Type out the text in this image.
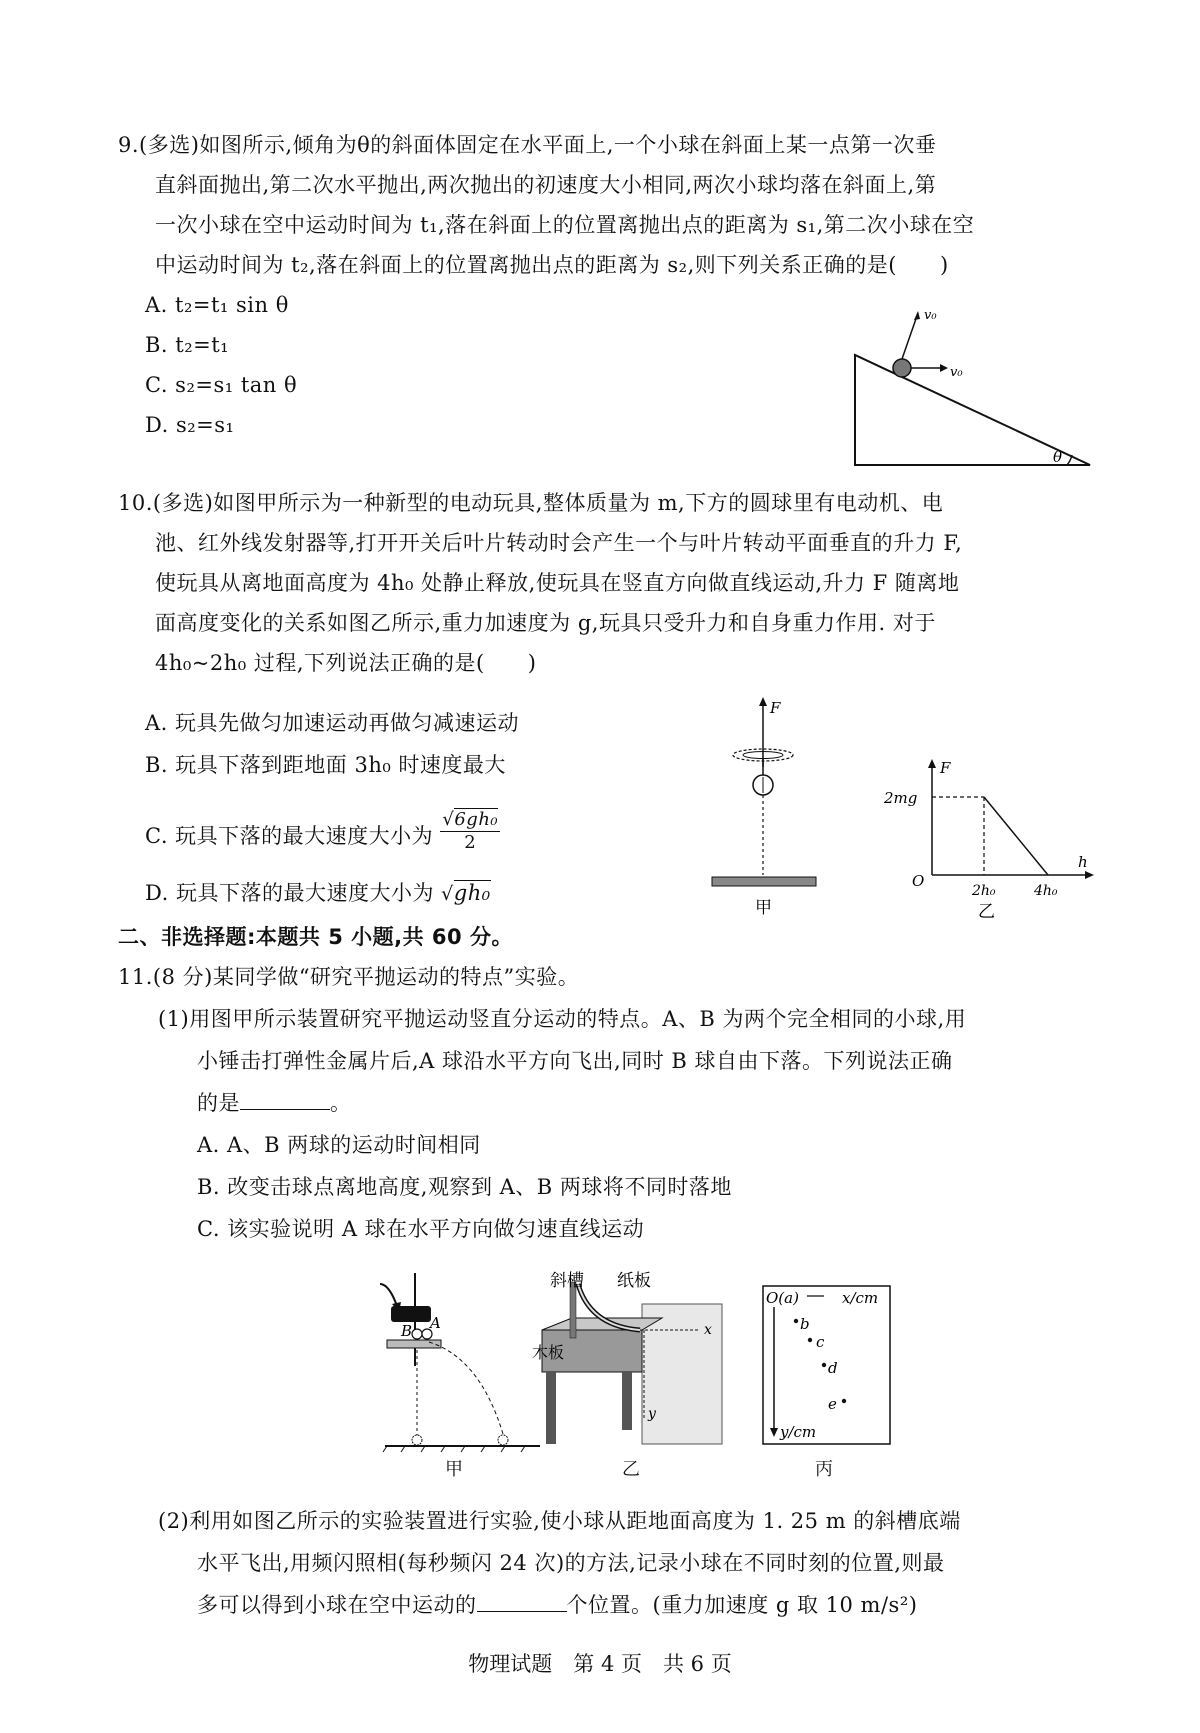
9.(多选)如图所示,倾角为θ的斜面体固定在水平面上,一个小球在斜面上某一点第一次垂
直斜面抛出,第二次水平抛出,两次抛出的初速度大小相同,两次小球均落在斜面上,第
一次小球在空中运动时间为 t₁,落在斜面上的位置离抛出点的距离为 s₁,第二次小球在空
中运动时间为 t₂,落在斜面上的位置离抛出点的距离为 s₂,则下列关系正确的是(　　)
A. t₂=t₁ sin θ
B. t₂=t₁
C. s₂=s₁ tan θ
D. s₂=s₁
v₀
v₀
θ
10.(多选)如图甲所示为一种新型的电动玩具,整体质量为 m,下方的圆球里有电动机、电
池、红外线发射器等,打开开关后叶片转动时会产生一个与叶片转动平面垂直的升力 F,
使玩具从离地面高度为 4h₀ 处静止释放,使玩具在竖直方向做直线运动,升力 F 随离地
面高度变化的关系如图乙所示,重力加速度为 g,玩具只受升力和自身重力作用. 对于
4h₀~2h₀ 过程,下列说法正确的是(　　)
A. 玩具先做匀加速运动再做匀减速运动
B. 玩具下落到距地面 3h₀ 时速度最大
C. 玩具下落的最大速度大小为 $\frac{\text{√6gh₀}}{2}$
D. 玩具下落的最大速度大小为 √gh₀
F
甲
F
h
O
2mg
2h₀	4h₀
乙
二、非选择题:本题共 5 小题,共 60 分。
11.(8 分)某同学做“研究平抛运动的特点”实验。
(1)用图甲所示装置研究平抛运动竖直分运动的特点。A、B 为两个完全相同的小球,用
小锤击打弹性金属片后,A 球沿水平方向飞出,同时 B 球自由下落。下列说法正确
的是	。
A. A、B 两球的运动时间相同
B. 改变击球点离地高度,观察到 A、B 两球将不同时落地
C. 该实验说明 A 球在水平方向做匀速直线运动
B A
甲
x
y
斜槽 纸板
木板
乙
O(a)	x/cm
y/cm
b
c
d
e
丙
(2)利用如图乙所示的实验装置进行实验,使小球从距地面高度为 1. 25 m 的斜槽底端
水平飞出,用频闪照相(每秒频闪 24 次)的方法,记录小球在不同时刻的位置,则最
多可以得到小球在空中运动的	个位置。(重力加速度 g 取 10 m/s²)
物理试题　第 4 页　共 6 页
